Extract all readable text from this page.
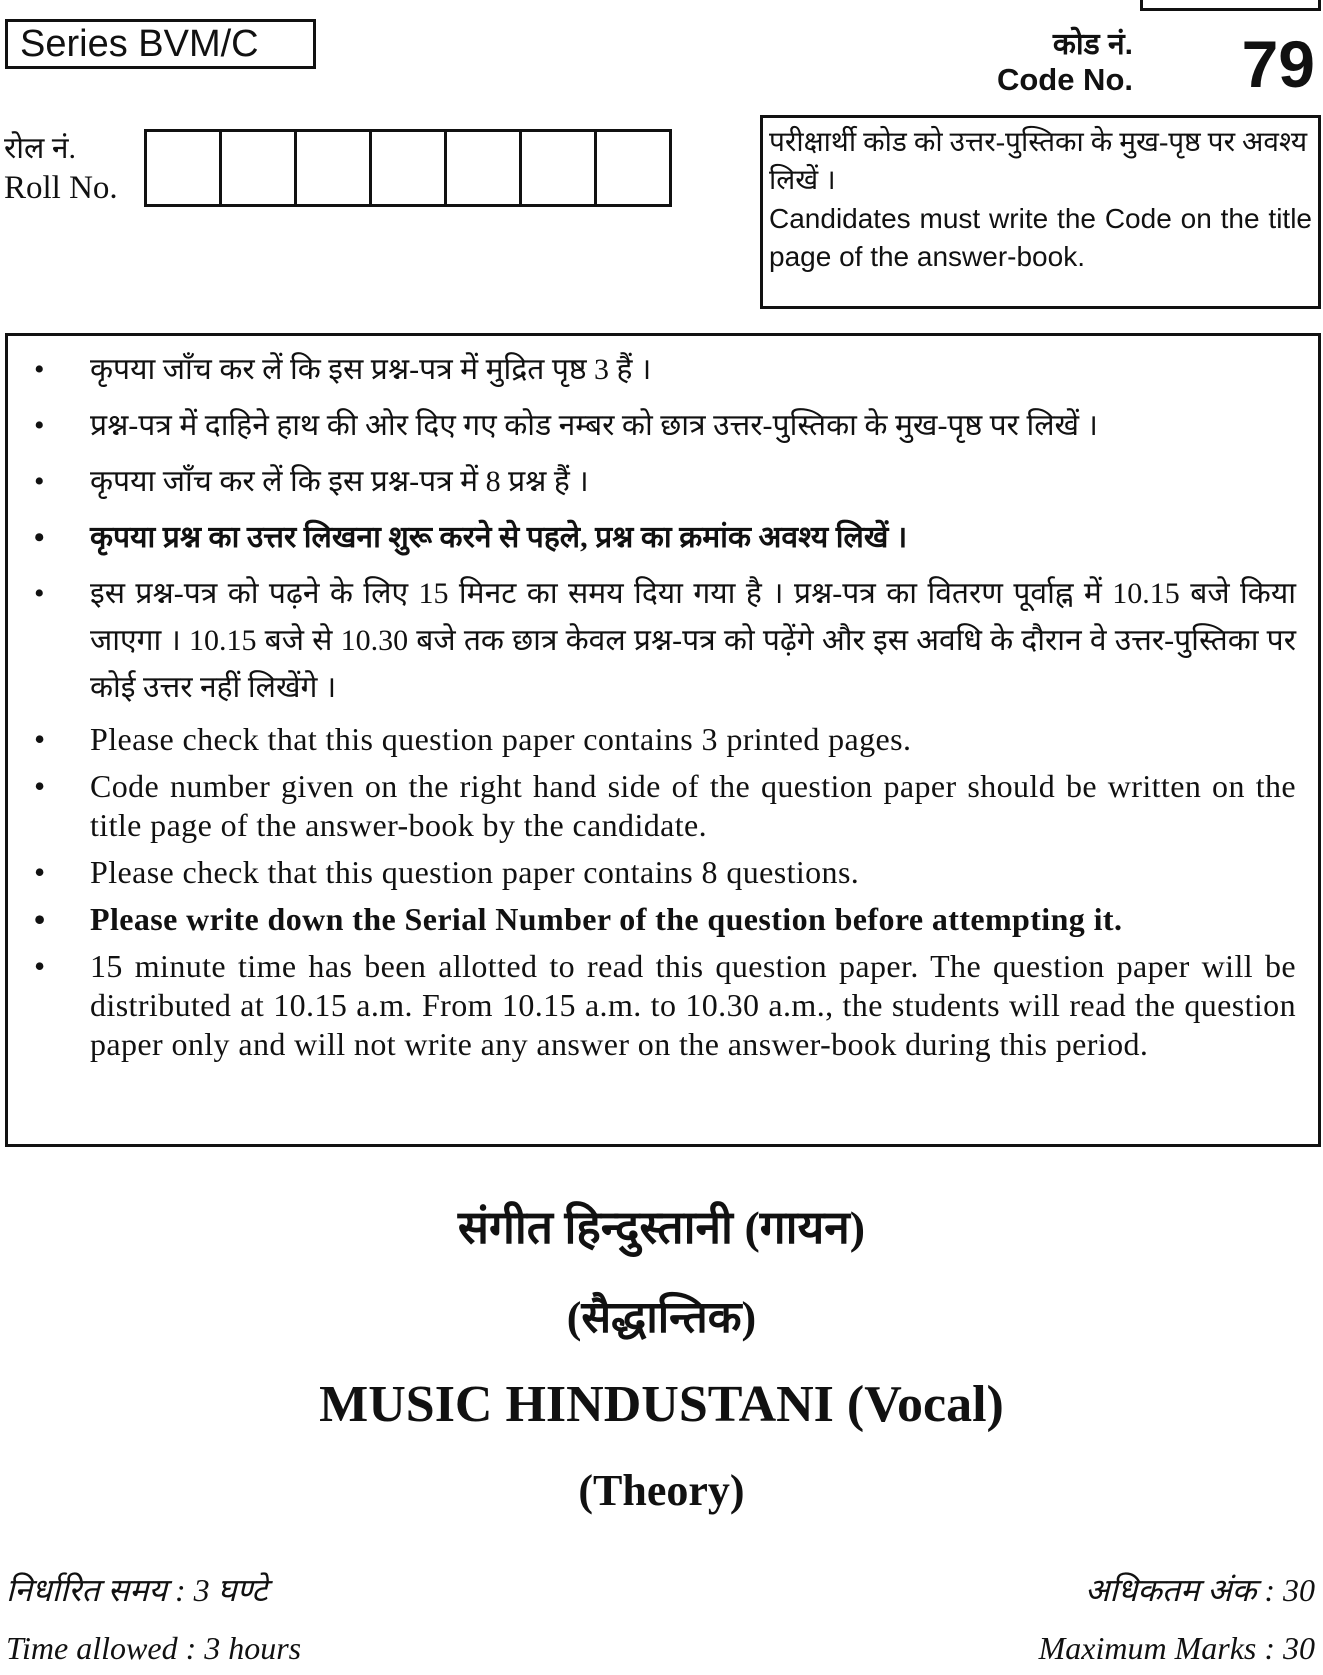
Series BVM/C	कोड नं.
Code No. 79
रोल नं.
Roll No.
परीक्षार्थी कोड को उत्तर-पुस्तिका के मुख-पृष्ठ पर अवश्य लिखें ।
Candidates must write the Code on the title page of the answer-book.
• कृपया जाँच कर लें कि इस प्रश्न-पत्र में मुद्रित पृष्ठ 3 हैं ।
• प्रश्न-पत्र में दाहिने हाथ की ओर दिए गए कोड नम्बर को छात्र उत्तर-पुस्तिका के मुख-पृष्ठ पर लिखें ।
• कृपया जाँच कर लें कि इस प्रश्न-पत्र में 8 प्रश्न हैं ।
• कृपया प्रश्न का उत्तर लिखना शुरू करने से पहले, प्रश्न का क्रमांक अवश्य लिखें ।
• इस प्रश्न-पत्र को पढ़ने के लिए 15 मिनट का समय दिया गया है । प्रश्न-पत्र का वितरण पूर्वाह्न में 10.15 बजे किया जाएगा । 10.15 बजे से 10.30 बजे तक छात्र केवल प्रश्न-पत्र को पढ़ेंगे और इस अवधि के दौरान वे उत्तर-पुस्तिका पर कोई उत्तर नहीं लिखेंगे ।
• Please check that this question paper contains 3 printed pages.
• Code number given on the right hand side of the question paper should be written on the title page of the answer-book by the candidate.
• Please check that this question paper contains 8 questions.
• Please write down the Serial Number of the question before attempting it.
• 15 minute time has been allotted to read this question paper. The question paper will be distributed at 10.15 a.m. From 10.15 a.m. to 10.30 a.m., the students will read the question paper only and will not write any answer on the answer-book during this period.
संगीत हिन्दुस्तानी (गायन)
(सैद्धान्तिक)
MUSIC HINDUSTANI (Vocal)
(Theory)
निर्धारित समय : 3 घण्टे	अधिकतम अंक : 30
Time allowed : 3 hours	Maximum Marks : 30
